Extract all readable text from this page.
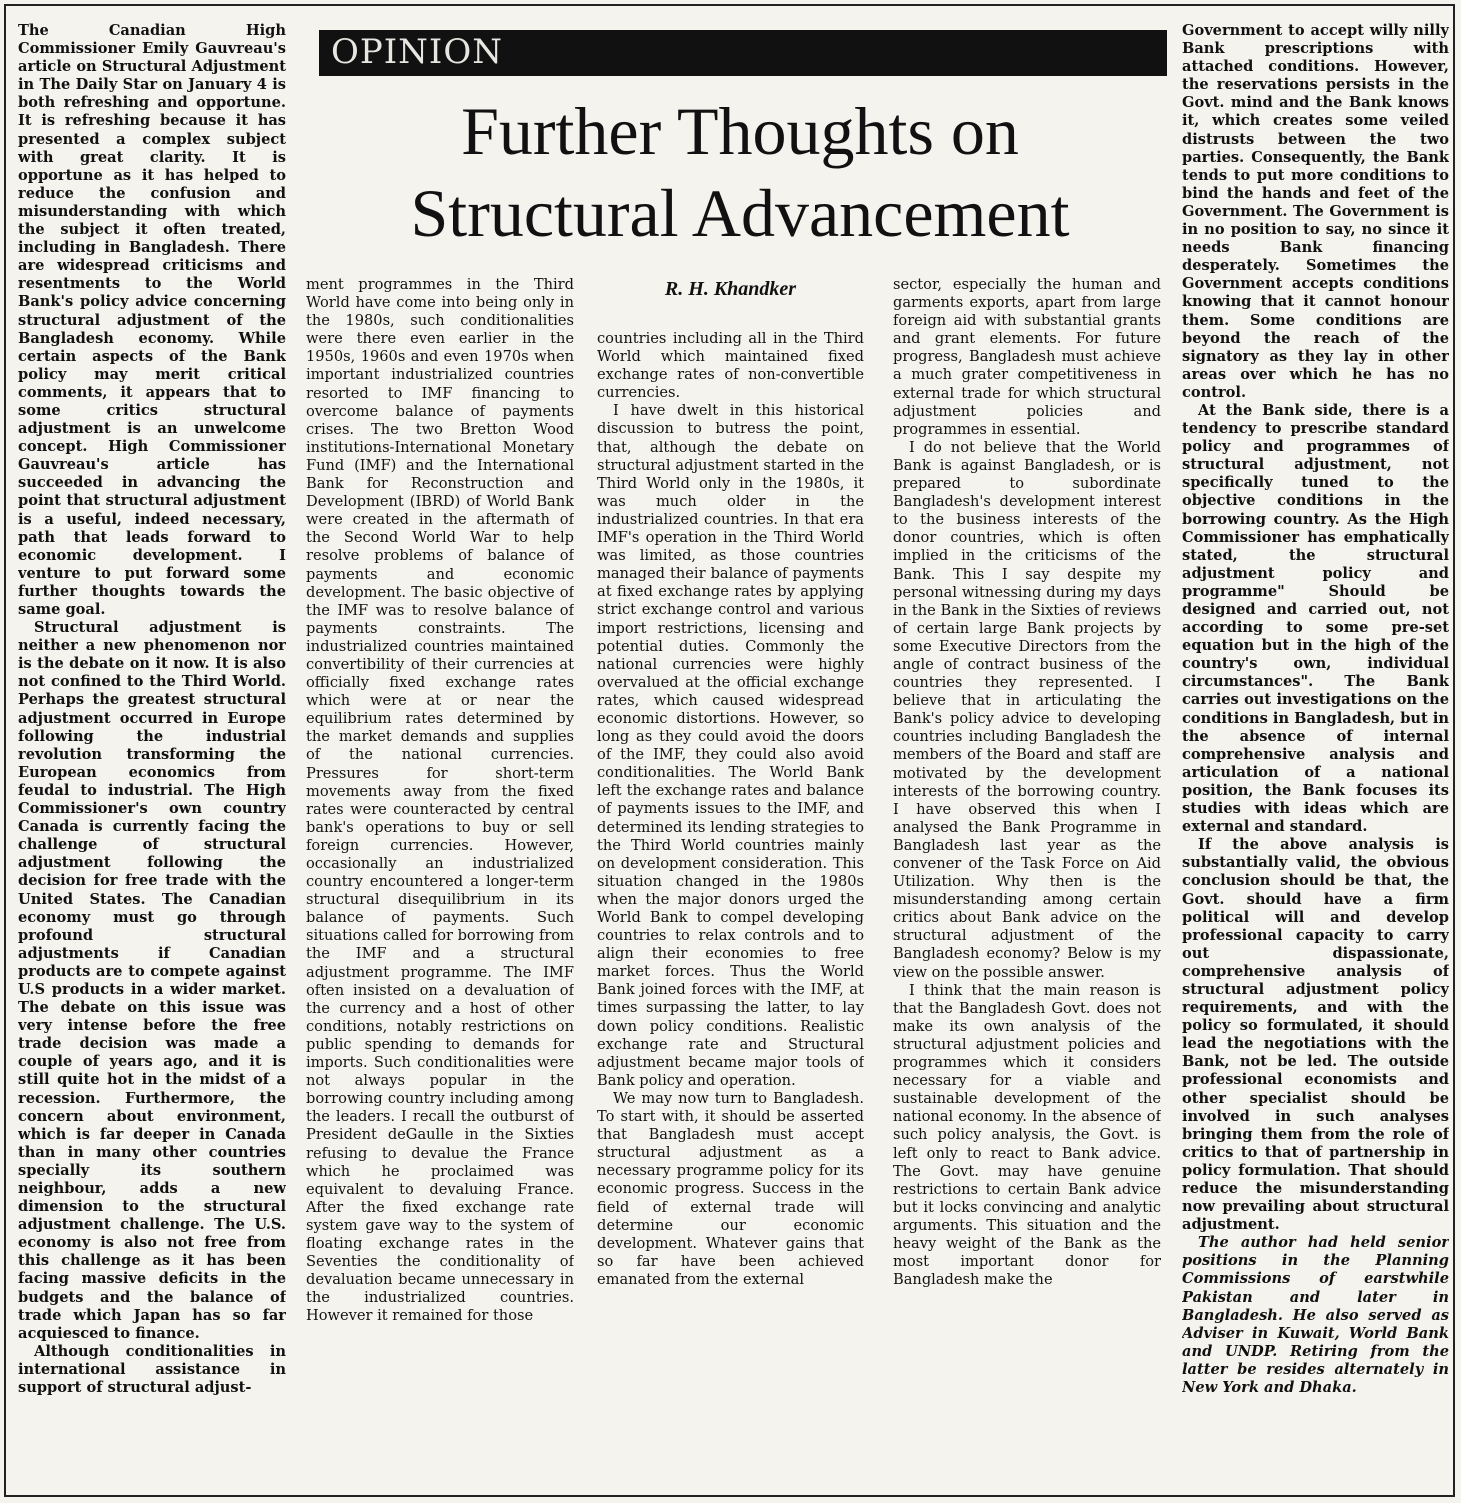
OPINION
Further Thoughts on
Structural Advancement
R. H. Khandker

The Canadian High Commissioner Emily Gauvreau's article on Structural Adjustment in The Daily Star on January 4 is both refreshing and opportune. It is refreshing because it has presented a complex subject with great clarity. It is opportune as it has helped to reduce the confusion and misunderstanding with which the subject it often treated, including in Bangladesh. There are widespread criticisms and resentments to the World Bank's policy advice concerning structural adjustment of the Bangladesh economy. While certain aspects of the Bank policy may merit critical comments, it appears that to some critics structural adjustment is an unwelcome concept. High Commissioner Gauvreau's article has succeeded in advancing the point that structural adjustment is a useful, indeed necessary, path that leads forward to economic development. I venture to put forward some further thoughts towards the same goal.

Structural adjustment is neither a new phenomenon nor is the debate on it now. It is also not confined to the Third World. Perhaps the greatest structural adjustment occurred in Europe following the industrial revolution transforming the European economics from feudal to industrial. The High Commissioner's own country Canada is currently facing the challenge of structural adjustment following the decision for free trade with the United States. The Canadian economy must go through profound structural adjustments if Canadian products are to compete against U.S products in a wider market. The debate on this issue was very intense before the free trade decision was made a couple of years ago, and it is still quite hot in the midst of a recession. Furthermore, the concern about environment, which is far deeper in Canada than in many other countries specially its southern neighbour, adds a new dimension to the structural adjustment challenge. The U.S. economy is also not free from this challenge as it has been facing massive deficits in the budgets and the balance of trade which Japan has so far acquiesced to finance.

Although conditionalities in international assistance in support of structural adjust-

ment programmes in the Third World have come into being only in the 1980s, such conditionalities were there even earlier in the 1950s, 1960s and even 1970s when important industrialized countries resorted to IMF financing to overcome balance of payments crises. The two Bretton Wood institutions-International Monetary Fund (IMF) and the International Bank for Reconstruction and Development (IBRD) of World Bank were created in the aftermath of the Second World War to help resolve problems of balance of payments and economic development. The basic objective of the IMF was to resolve balance of payments constraints. The industrialized countries maintained convertibility of their currencies at officially fixed exchange rates which were at or near the equilibrium rates determined by the market demands and supplies of the national currencies. Pressures for short-term movements away from the fixed rates were counteracted by central bank's operations to buy or sell foreign currencies. However, occasionally an industrialized country encountered a longer-term structural disequilibrium in its balance of payments. Such situations called for borrowing from the IMF and a structural adjustment programme. The IMF often insisted on a devaluation of the currency and a host of other conditions, notably restrictions on public spending to demands for imports. Such conditionalities were not always popular in the borrowing country including among the leaders. I recall the outburst of President deGaulle in the Sixties refusing to devalue the France which he proclaimed was equivalent to devaluing France. After the fixed exchange rate system gave way to the system of floating exchange rates in the Seventies the conditionality of devaluation became unnecessary in the industrialized countries. However it remained for those

countries including all in the Third World which maintained fixed exchange rates of non-convertible currencies.

I have dwelt in this historical discussion to butress the point, that, although the debate on structural adjustment started in the Third World only in the 1980s, it was much older in the industrialized countries. In that era IMF's operation in the Third World was limited, as those countries managed their balance of payments at fixed exchange rates by applying strict exchange control and various import restrictions, licensing and potential duties. Commonly the national currencies were highly overvalued at the official exchange rates, which caused widespread economic distortions. However, so long as they could avoid the doors of the IMF, they could also avoid conditionalities. The World Bank left the exchange rates and balance of payments issues to the IMF, and determined its lending strategies to the Third World countries mainly on development consideration. This situation changed in the 1980s when the major donors urged the World Bank to compel developing countries to relax controls and to align their economies to free market forces. Thus the World Bank joined forces with the IMF, at times surpassing the latter, to lay down policy conditions. Realistic exchange rate and Structural adjustment became major tools of Bank policy and operation.

We may now turn to Bangladesh. To start with, it should be asserted that Bangladesh must accept structural adjustment as a necessary programme policy for its economic progress. Success in the field of external trade will determine our economic development. Whatever gains that so far have been achieved emanated from the external

sector, especially the human and garments exports, apart from large foreign aid with substantial grants and grant elements. For future progress, Bangladesh must achieve a much grater competitiveness in external trade for which structural adjustment policies and programmes in essential.

I do not believe that the World Bank is against Bangladesh, or is prepared to subordinate Bangladesh's development interest to the business interests of the donor countries, which is often implied in the criticisms of the Bank. This I say despite my personal witnessing during my days in the Bank in the Sixties of reviews of certain large Bank projects by some Executive Directors from the angle of contract business of the countries they represented. I believe that in articulating the Bank's policy advice to developing countries including Bangladesh the members of the Board and staff are motivated by the development interests of the borrowing country. I have observed this when I analysed the Bank Programme in Bangladesh last year as the convener of the Task Force on Aid Utilization. Why then is the misunderstanding among certain critics about Bank advice on the structural adjustment of the Bangladesh economy? Below is my view on the possible answer.

I think that the main reason is that the Bangladesh Govt. does not make its own analysis of the structural adjustment policies and programmes which it considers necessary for a viable and sustainable development of the national economy. In the absence of such policy analysis, the Govt. is left only to react to Bank advice. The Govt. may have genuine restrictions to certain Bank advice but it locks convincing and analytic arguments. This situation and the heavy weight of the Bank as the most important donor for Bangladesh make the

Government to accept willy nilly Bank prescriptions with attached conditions. However, the reservations persists in the Govt. mind and the Bank knows it, which creates some veiled distrusts between the two parties. Consequently, the Bank tends to put more conditions to bind the hands and feet of the Government. The Government is in no position to say, no since it needs Bank financing desperately. Sometimes the Government accepts conditions knowing that it cannot honour them. Some conditions are beyond the reach of the signatory as they lay in other areas over which he has no control.

At the Bank side, there is a tendency to prescribe standard policy and programmes of structural adjustment, not specifically tuned to the objective conditions in the borrowing country. As the High Commissioner has emphatically stated, the structural adjustment policy and programme" Should be designed and carried out, not according to some pre-set equation but in the high of the country's own, individual circumstances". The Bank carries out investigations on the conditions in Bangladesh, but in the absence of internal comprehensive analysis and articulation of a national position, the Bank focuses its studies with ideas which are external and standard.

If the above analysis is substantially valid, the obvious conclusion should be that, the Govt. should have a firm political will and develop professional capacity to carry out dispassionate, comprehensive analysis of structural adjustment policy requirements, and with the policy so formulated, it should lead the negotiations with the Bank, not be led. The outside professional economists and other specialist should be involved in such analyses bringing them from the role of critics to that of partnership in policy formulation. That should reduce the misunderstanding now prevailing about structural adjustment.

The author had held senior positions in the Planning Commissions of earstwhile Pakistan and later in Bangladesh. He also served as Adviser in Kuwait, World Bank and UNDP. Retiring from the latter be resides alternately in New York and Dhaka.
